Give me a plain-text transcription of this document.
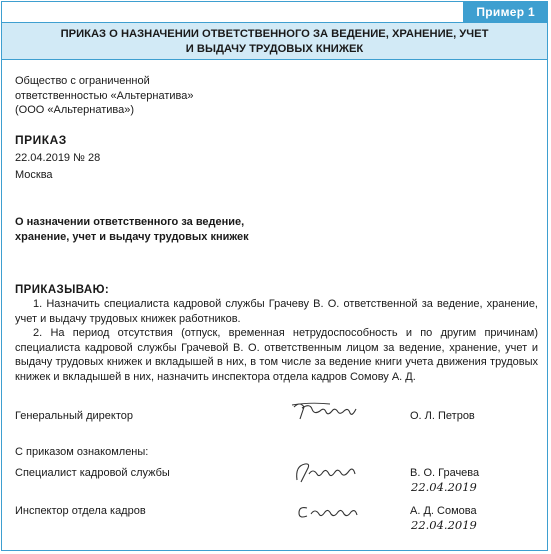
Пример 1
ПРИКАЗ О НАЗНАЧЕНИИ ОТВЕТСТВЕННОГО ЗА ВЕДЕНИЕ, ХРАНЕНИЕ, УЧЕТ
И ВЫДАЧУ ТРУДОВЫХ КНИЖЕК
Общество с ограниченной
ответственностью «Альтернатива»
(ООО «Альтернатива»)
ПРИКАЗ
22.04.2019 № 28
Москва
О назначении ответственного за ведение,
хранение, учет и выдачу трудовых книжек
ПРИКАЗЫВАЮ:
1. Назначить специалиста кадровой службы Грачеву В. О. ответственной за ведение, хранение, учет и выдачу трудовых книжек работников.
2. На период отсутствия (отпуск, временная нетрудоспособность и по другим причинам) специалиста кадровой службы Грачевой В. О. ответственным лицом за ведение, хранение, учет и выдачу трудовых книжек и вкладышей в них, в том числе за ведение книги учета движения трудовых книжек и вкладышей в них, назначить инспектора отдела кадров Сомову А. Д.
Генеральный директор	О. Л. Петров
С приказом ознакомлены:
Специалист кадровой службы	В. О. Грачева
22.04.2019
Инспектор отдела кадров	А. Д. Сомова
22.04.2019
